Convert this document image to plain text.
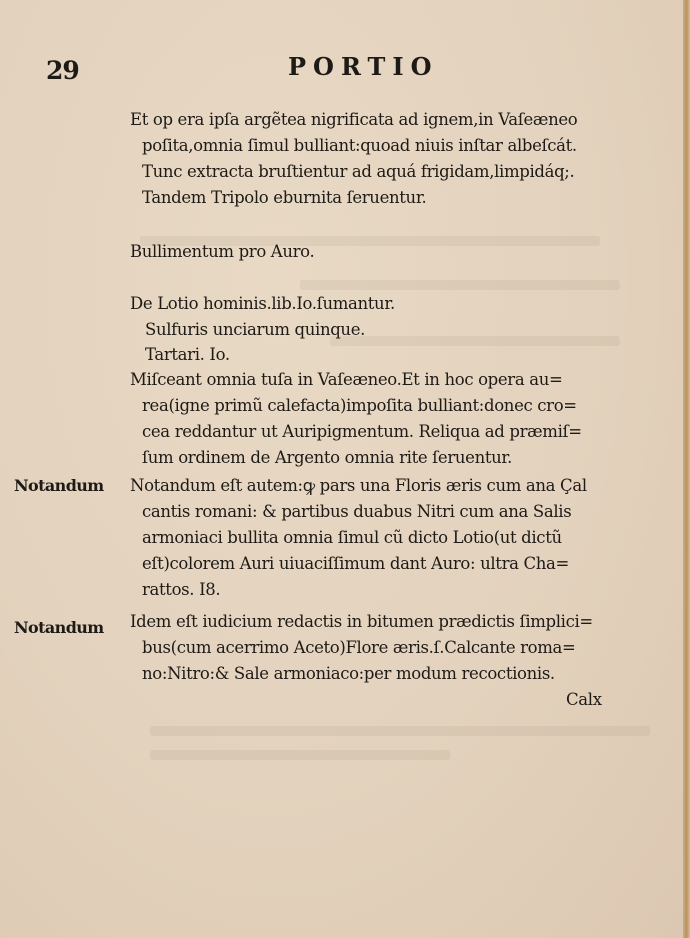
29	PORTIO
Et op era ipſa argẽtea nigrificata ad ignem,in Vaſeæneo
poſita,omnia ſimul bulliant:quoad niuis inſtar albeſcát.
Tunc extracta bruſtientur ad aquá frigidam,limpidáq;.
Tandem Tripolo eburnita ſeruentur.
Bullimentum pro Auro.
De Lotio hominis.lib.Io.ſumantur.
Sulfuris unciarum quinque.
Tartari. Io.
Miſceant omnia tuſa in Vaſeæneo.Et in hoc opera au=
rea(igne primũ calefacta)impoſita bulliant:donec cro=
cea reddantur ut Auripigmentum. Reliqua ad præmiſ=
ſum ordinem de Argento omnia rite ſeruentur.
Notandum Notandum eſt autem:ꝙ pars una Floris æris cum ana Çal
cantis romani: & partibus duabus Nitri cum ana Salis
armoniaci bullita omnia ſimul cũ dicto Lotio(ut dictũ
eſt)colorem Auri uiuaciſſimum dant Auro: ultra Cha=
rattos. I8.
Notandum Idem eſt iudicium redactis in bitumen prædictis ſimplici=
bus(cum acerrimo Aceto)Flore æris.ſ.Calcante roma=
no:Nitro:& Sale armoniaco:per modum recoctionis.
Calx
